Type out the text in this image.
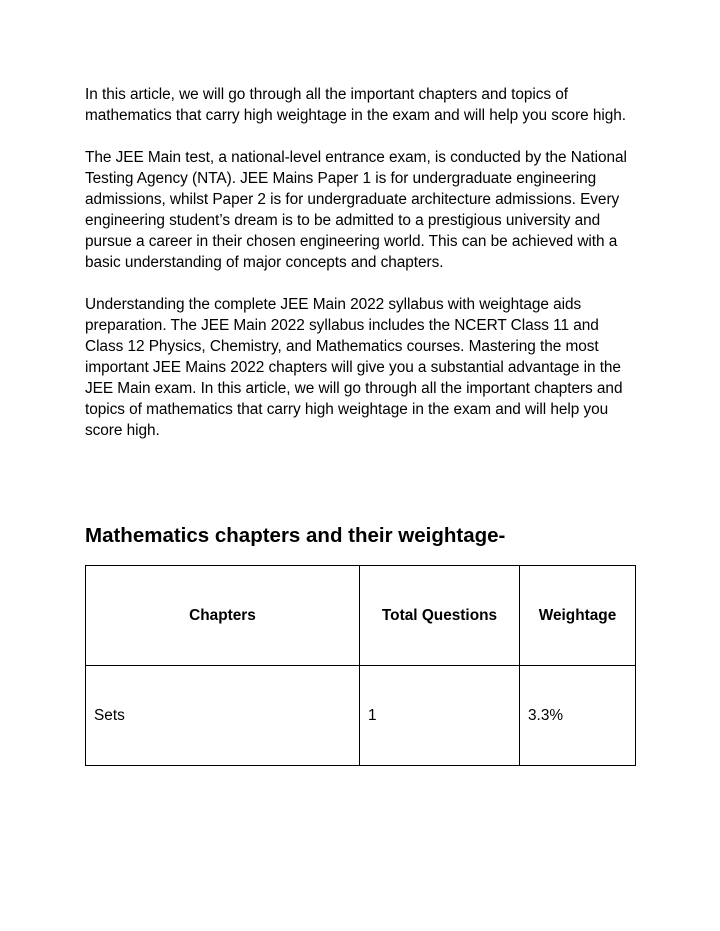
In this article, we will go through all the important chapters and topics of mathematics that carry high weightage in the exam and will help you score high.

The JEE Main test, a national-level entrance exam, is conducted by the National Testing Agency (NTA). JEE Mains Paper 1 is for undergraduate engineering admissions, whilst Paper 2 is for undergraduate architecture admissions. Every engineering student’s dream is to be admitted to a prestigious university and pursue a career in their chosen engineering world. This can be achieved with a basic understanding of major concepts and chapters.

Understanding the complete JEE Main 2022 syllabus with weightage aids preparation. The JEE Main 2022 syllabus includes the NCERT Class 11 and Class 12 Physics, Chemistry, and Mathematics courses. Mastering the most important JEE Mains 2022 chapters will give you a substantial advantage in the JEE Main exam. In this article, we will go through all the important chapters and topics of mathematics that carry high weightage in the exam and will help you score high.

Mathematics chapters and their weightage-
Chapters	Total Questions	Weightage
Sets	1	3.3%
